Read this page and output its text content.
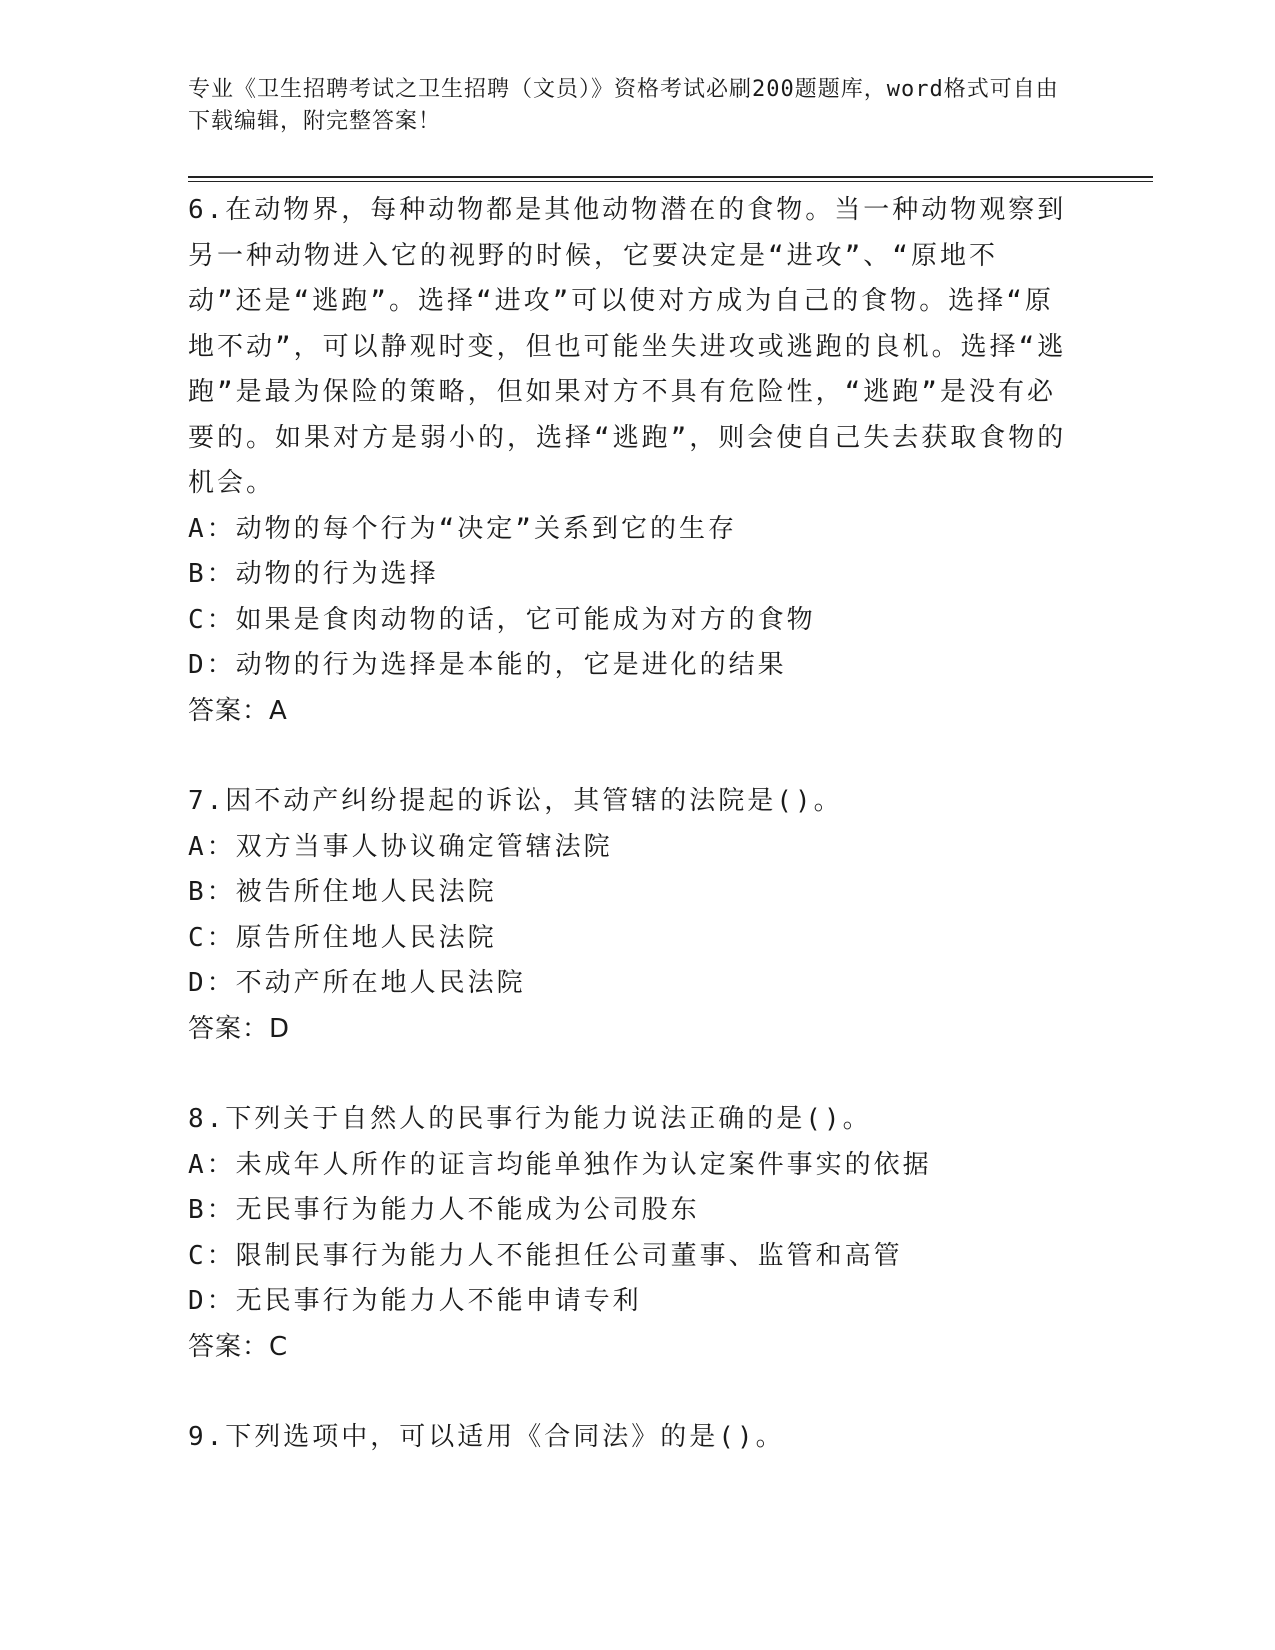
专业《卫生招聘考试之卫生招聘（文员）》资格考试必刷200题题库，word格式可自由下载编辑，附完整答案！

6.在动物界，每种动物都是其他动物潜在的食物。当一种动物观察到另一种动物进入它的视野的时候，它要决定是“进攻”、“原地不动”还是“逃跑”。选择“进攻”可以使对方成为自己的食物。选择“原地不动”，可以静观时变，但也可能坐失进攻或逃跑的良机。选择“逃跑”是最为保险的策略，但如果对方不具有危险性，“逃跑”是没有必要的。如果对方是弱小的，选择“逃跑”，则会使自己失去获取食物的机会。

A：动物的每个行为“决定”关系到它的生存

B：动物的行为选择

C：如果是食肉动物的话，它可能成为对方的食物

D：动物的行为选择是本能的，它是进化的结果

答案：A

7.因不动产纠纷提起的诉讼，其管辖的法院是()。

A：双方当事人协议确定管辖法院

B：被告所住地人民法院

C：原告所住地人民法院

D：不动产所在地人民法院

答案：D

8.下列关于自然人的民事行为能力说法正确的是()。

A：未成年人所作的证言均能单独作为认定案件事实的依据

B：无民事行为能力人不能成为公司股东

C：限制民事行为能力人不能担任公司董事、监管和高管

D：无民事行为能力人不能申请专利

答案：C

9.下列选项中，可以适用《合同法》的是()。
